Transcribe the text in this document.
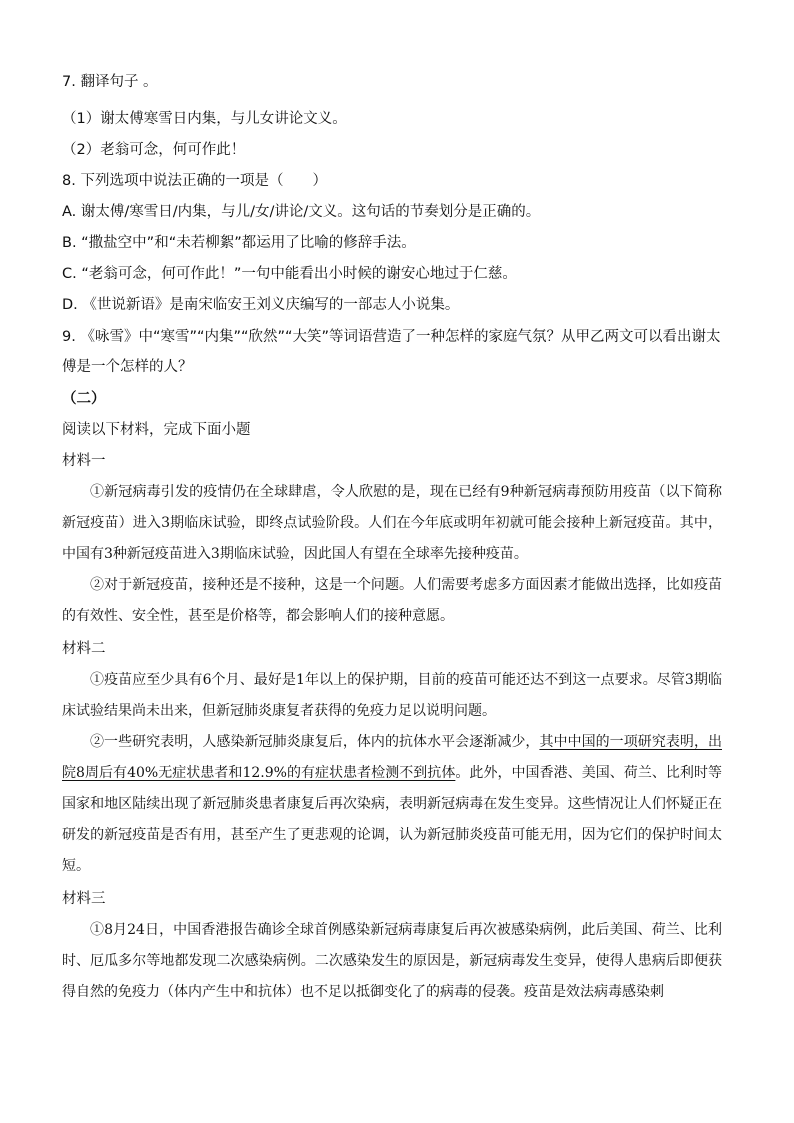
7. 翻译句子 。
（1）谢太傅寒雪日内集，与儿女讲论文义。
（2）老翁可念，何可作此！
8. 下列选项中说法正确的一项是（　　）
A. 谢太傅/寒雪日/内集，与儿/女/讲论/文义。这句话的节奏划分是正确的。
B. “撒盐空中”和“未若柳絮”都运用了比喻的修辞手法。
C. “老翁可念，何可作此！”一句中能看出小时候的谢安心地过于仁慈。
D. 《世说新语》是南宋临安王刘义庆编写的一部志人小说集。
9. 《咏雪》中“寒雪”“内集”“欣然”“大笑”等词语营造了一种怎样的家庭气氛？从甲乙两文可以看出谢太傅是一个怎样的人？
（二）
阅读以下材料，完成下面小题
材料一
①新冠病毒引发的疫情仍在全球肆虐，令人欣慰的是，现在已经有9种新冠病毒预防用疫苗（以下简称新冠疫苗）进入3期临床试验，即终点试验阶段。人们在今年底或明年初就可能会接种上新冠疫苗。其中，中国有3种新冠疫苗进入3期临床试验，因此国人有望在全球率先接种疫苗。
②对于新冠疫苗，接种还是不接种，这是一个问题。人们需要考虑多方面因素才能做出选择，比如疫苗的有效性、安全性，甚至是价格等，都会影响人们的接种意愿。
材料二
①疫苗应至少具有6个月、最好是1年以上的保护期，目前的疫苗可能还达不到这一点要求。尽管3期临床试验结果尚未出来，但新冠肺炎康复者获得的免疫力足以说明问题。
②一些研究表明，人感染新冠肺炎康复后，体内的抗体水平会逐渐减少，其中中国的一项研究表明，出院8周后有40%无症状患者和12.9%的有症状患者检测不到抗体。此外，中国香港、美国、荷兰、比利时等国家和地区陆续出现了新冠肺炎患者康复后再次染病，表明新冠病毒在发生变异。这些情况让人们怀疑正在研发的新冠疫苗是否有用，甚至产生了更悲观的论调，认为新冠肺炎疫苗可能无用，因为它们的保护时间太短。
材料三
①8月24日，中国香港报告确诊全球首例感染新冠病毒康复后再次被感染病例，此后美国、荷兰、比利时、厄瓜多尔等地都发现二次感染病例。二次感染发生的原因是，新冠病毒发生变异，使得人患病后即便获得自然的免疫力（体内产生中和抗体）也不足以抵御变化了的病毒的侵袭。疫苗是效法病毒感染刺
